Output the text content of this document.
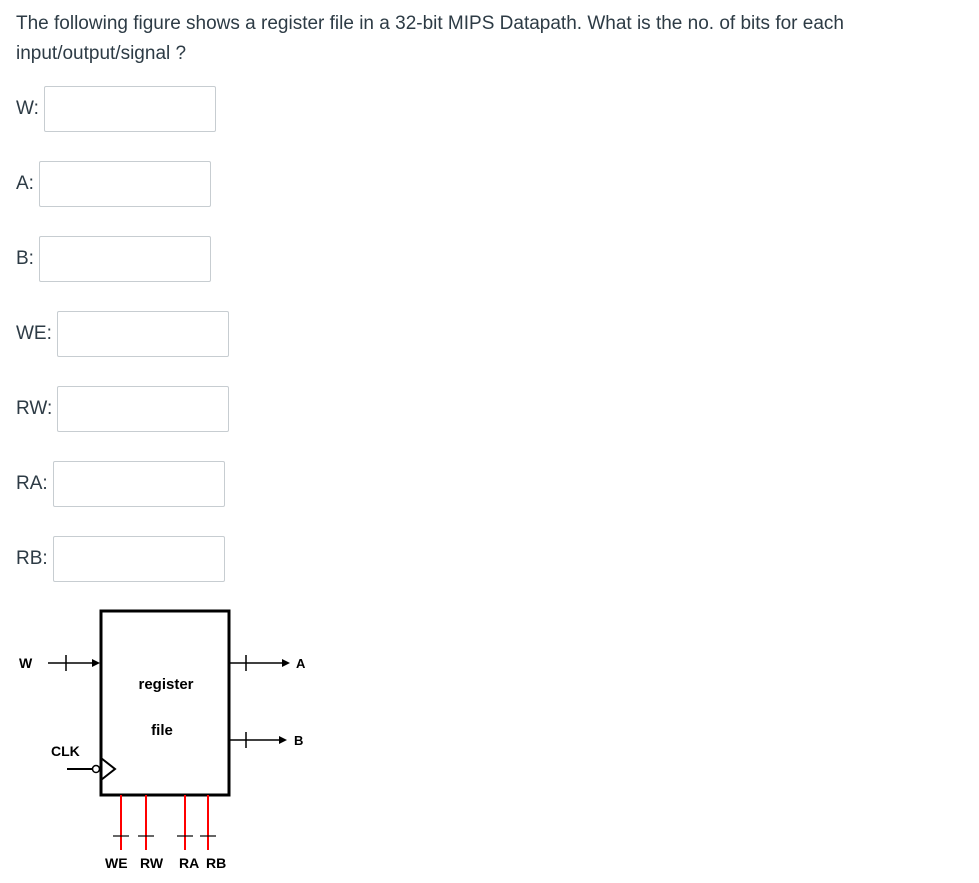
The following figure shows a register file in a 32-bit MIPS Datapath. What is the no. of bits for each input/output/signal ?

W:
A:
B:
WE:
RW:
RA:
RB:
register
file
W	A
B
CLK
WE RW RA RB
